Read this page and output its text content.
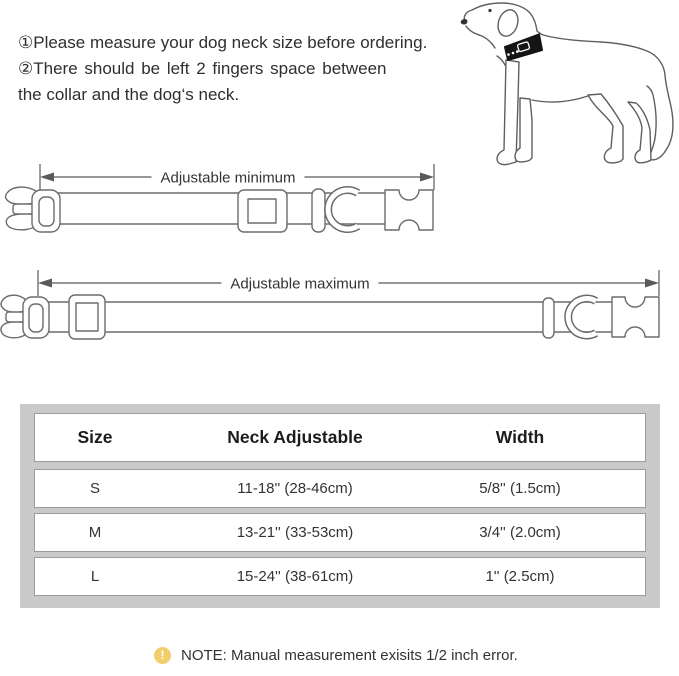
①Please measure your dog neck size before ordering.
②There should be left 2 fingers space between
the collar and the dog‘s neck.
Adjustable minimum
Adjustable maximum
Size	Neck Adjustable	Width
S	11-18'' (28-46cm)	5/8'' (1.5cm)
M	13-21'' (33-53cm)	3/4'' (2.0cm)
L	15-24'' (38-61cm)	1'' (2.5cm)
!	NOTE: Manual measurement exisits 1/2 inch error.
